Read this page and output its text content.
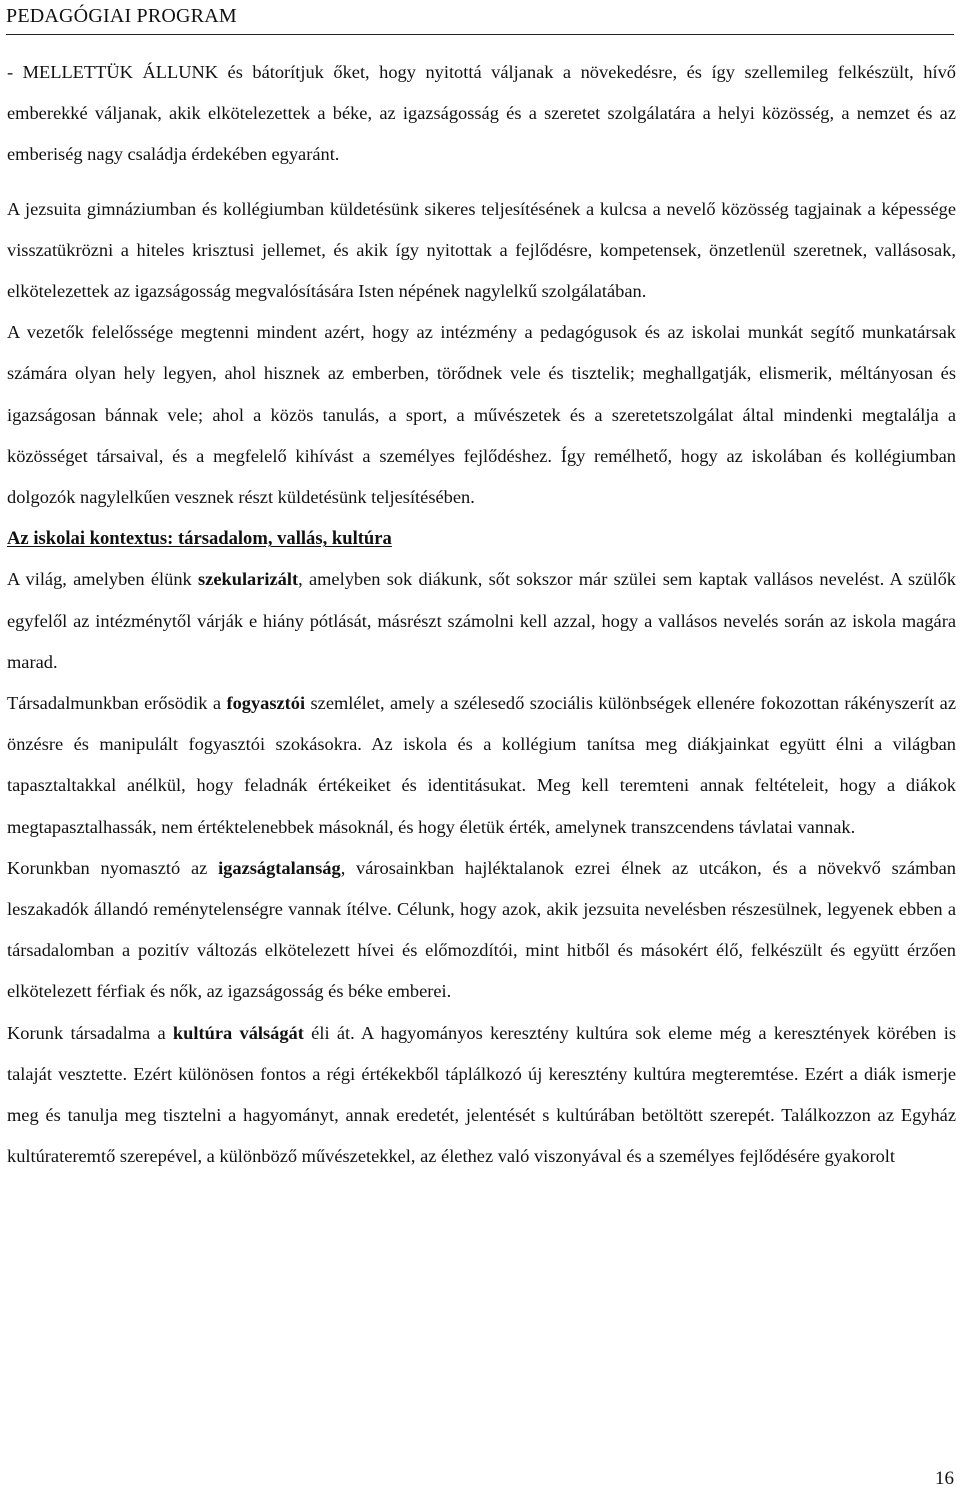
PEDAGÓGIAI PROGRAM

- MELLETTÜK ÁLLUNK és bátorítjuk őket, hogy nyitottá váljanak a növekedésre, és így szellemileg felkészült, hívő emberekké váljanak, akik elkötelezettek a béke, az igazságosság és a szeretet szolgálatára a helyi közösség, a nemzet és az emberiség nagy családja érdekében egyaránt.

A jezsuita gimnáziumban és kollégiumban küldetésünk sikeres teljesítésének a kulcsa a nevelő közösség tagjainak a képessége visszatükrözni a hiteles krisztusi jellemet, és akik így nyitottak a fejlődésre, kompetensek, önzetlenül szeretnek, vallásosak, elkötelezettek az igazságosság megvalósítására Isten népének nagylelkű szolgálatában.

A vezetők felelőssége megtenni mindent azért, hogy az intézmény a pedagógusok és az iskolai munkát segítő munkatársak számára olyan hely legyen, ahol hisznek az emberben, törődnek vele és tisztelik; meghallgatják, elismerik, méltányosan és igazságosan bánnak vele; ahol a közös tanulás, a sport, a művészetek és a szeretetszolgálat által mindenki megtalálja a közösséget társaival, és a megfelelő kihívást a személyes fejlődéshez. Így remélhető, hogy az iskolában és kollégiumban dolgozók nagylelkűen vesznek részt küldetésünk teljesítésében.

Az iskolai kontextus: társadalom, vallás, kultúra

A világ, amelyben élünk szekularizált, amelyben sok diákunk, sőt sokszor már szülei sem kaptak vallásos nevelést. A szülők egyfelől az intézménytől várják e hiány pótlását, másrészt számolni kell azzal, hogy a vallásos nevelés során az iskola magára marad.

Társadalmunkban erősödik a fogyasztói szemlélet, amely a szélesedő szociális különbségek ellenére fokozottan rákényszerít az önzésre és manipulált fogyasztói szokásokra. Az iskola és a kollégium tanítsa meg diákjainkat együtt élni a világban tapasztaltakkal anélkül, hogy feladnák értékeiket és identitásukat. Meg kell teremteni annak feltételeit, hogy a diákok megtapasztalhassák, nem értéktelenebbek másoknál, és hogy életük érték, amelynek transzcendens távlatai vannak.

Korunkban nyomasztó az igazságtalanság, városainkban hajléktalanok ezrei élnek az utcákon, és a növekvő számban leszakadók állandó reménytelenségre vannak ítélve. Célunk, hogy azok, akik jezsuita nevelésben részesülnek, legyenek ebben a társadalomban a pozitív változás elkötelezett hívei és előmozdítói, mint hitből és másokért élő, felkészült és együtt érzően elkötelezett férfiak és nők, az igazságosság és béke emberei.

Korunk társadalma a kultúra válságát éli át. A hagyományos keresztény kultúra sok eleme még a keresztények körében is talaját vesztette. Ezért különösen fontos a régi értékekből táplálkozó új keresztény kultúra megteremtése. Ezért a diák ismerje meg és tanulja meg tisztelni a hagyományt, annak eredetét, jelentését s kultúrában betöltött szerepét. Találkozzon az Egyház kultúrateremtő szerepével, a különböző művészetekkel, az élethez való viszonyával és a személyes fejlődésére gyakorolt

16
